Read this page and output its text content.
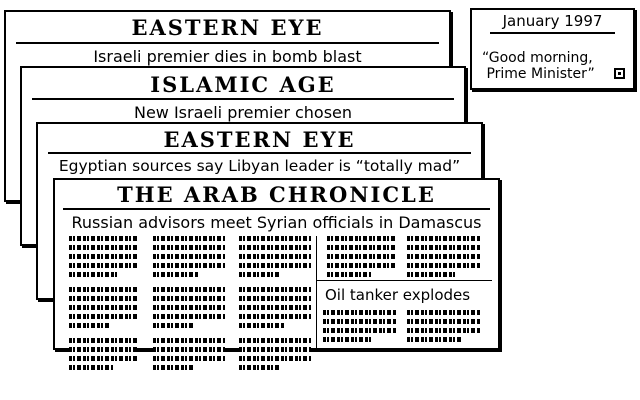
EASTERN EYE
Israeli premier dies in bomb blast
ISLAMIC AGE
New Israeli premier chosen
EASTERN EYE
Egyptian sources say Libyan leader is “totally mad”
THE ARAB CHRONICLE
Russian advisors meet Syrian officials in Damascus
Oil tanker explodes
January 1997
“Good morning,
Prime Minister”
